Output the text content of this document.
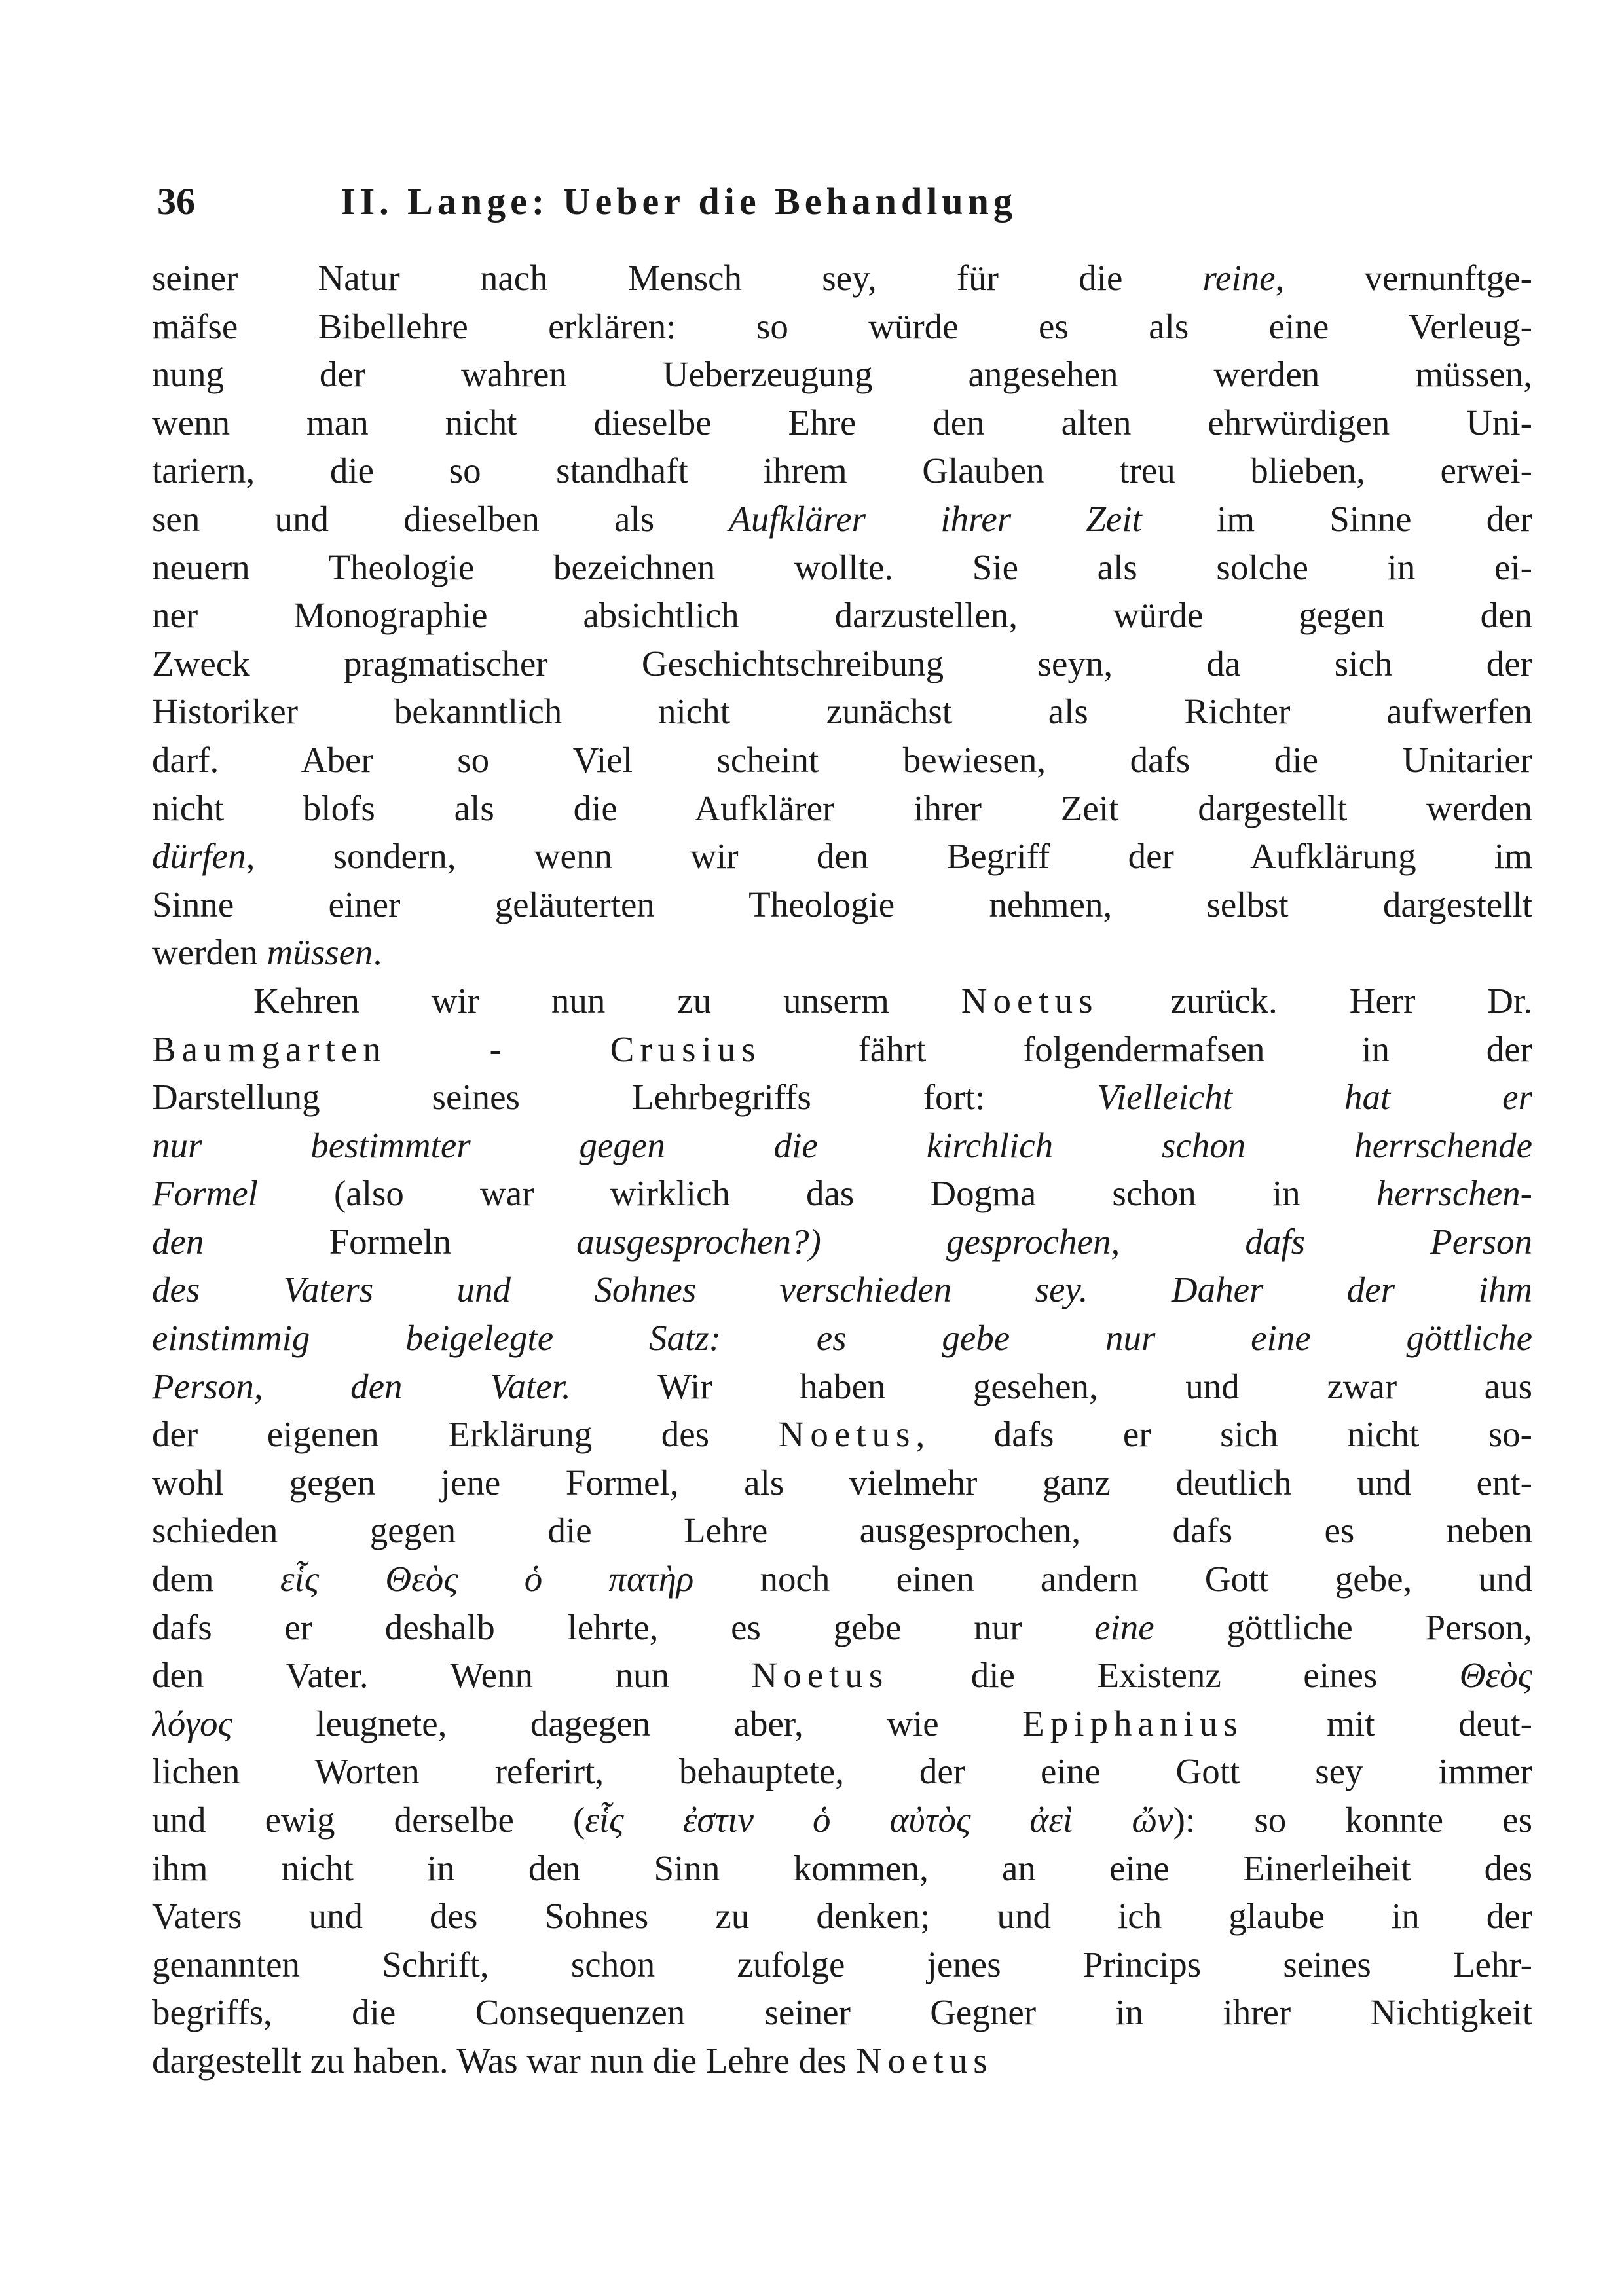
36	II. Lange: Ueber die Behandlung
seiner Natur nach Mensch sey, für die reine, vernunftge-
mäfse Bibellehre erklären: so würde es als eine Verleug-
nung der wahren Ueberzeugung angesehen werden müssen,
wenn man nicht dieselbe Ehre den alten ehrwürdigen Uni-
tariern, die so standhaft ihrem Glauben treu blieben, erwei-
sen und dieselben als Aufklärer ihrer Zeit im Sinne der
neuern Theologie bezeichnen wollte. Sie als solche in ei-
ner Monographie absichtlich darzustellen, würde gegen den
Zweck pragmatischer Geschichtschreibung seyn, da sich der
Historiker bekanntlich nicht zunächst als Richter aufwerfen
darf. Aber so Viel scheint bewiesen, dafs die Unitarier
nicht blofs als die Aufklärer ihrer Zeit dargestellt werden
dürfen, sondern, wenn wir den Begriff der Aufklärung im
Sinne einer geläuterten Theologie nehmen, selbst dargestellt
werden müssen.
Kehren wir nun zu unserm Noetus zurück. Herr Dr.
Baumgarten - Crusius fährt folgendermafsen in der
Darstellung seines Lehrbegriffs fort: Vielleicht hat er
nur bestimmter gegen die kirchlich schon herrschende
Formel (also war wirklich das Dogma schon in herrschen-
den Formeln ausgesprochen?) gesprochen, dafs Person
des Vaters und Sohnes verschieden sey. Daher der ihm
einstimmig beigelegte Satz: es gebe nur eine göttliche
Person, den Vater. Wir haben gesehen, und zwar aus
der eigenen Erklärung des Noetus, dafs er sich nicht so-
wohl gegen jene Formel, als vielmehr ganz deutlich und ent-
schieden gegen die Lehre ausgesprochen, dafs es neben
dem εἷς Θεὸς ὁ πατὴρ noch einen andern Gott gebe, und
dafs er deshalb lehrte, es gebe nur eine göttliche Person,
den Vater. Wenn nun Noetus die Existenz eines Θεὸς
λόγος leugnete, dagegen aber, wie Epiphanius mit deut-
lichen Worten referirt, behauptete, der eine Gott sey immer
und ewig derselbe (εἷς ἐστιν ὁ αὐτὸς ἀεὶ ὤν): so konnte es
ihm nicht in den Sinn kommen, an eine Einerleiheit des
Vaters und des Sohnes zu denken; und ich glaube in der
genannten Schrift, schon zufolge jenes Princips seines Lehr-
begriffs, die Consequenzen seiner Gegner in ihrer Nichtigkeit
dargestellt zu haben. Was war nun die Lehre des Noetus
